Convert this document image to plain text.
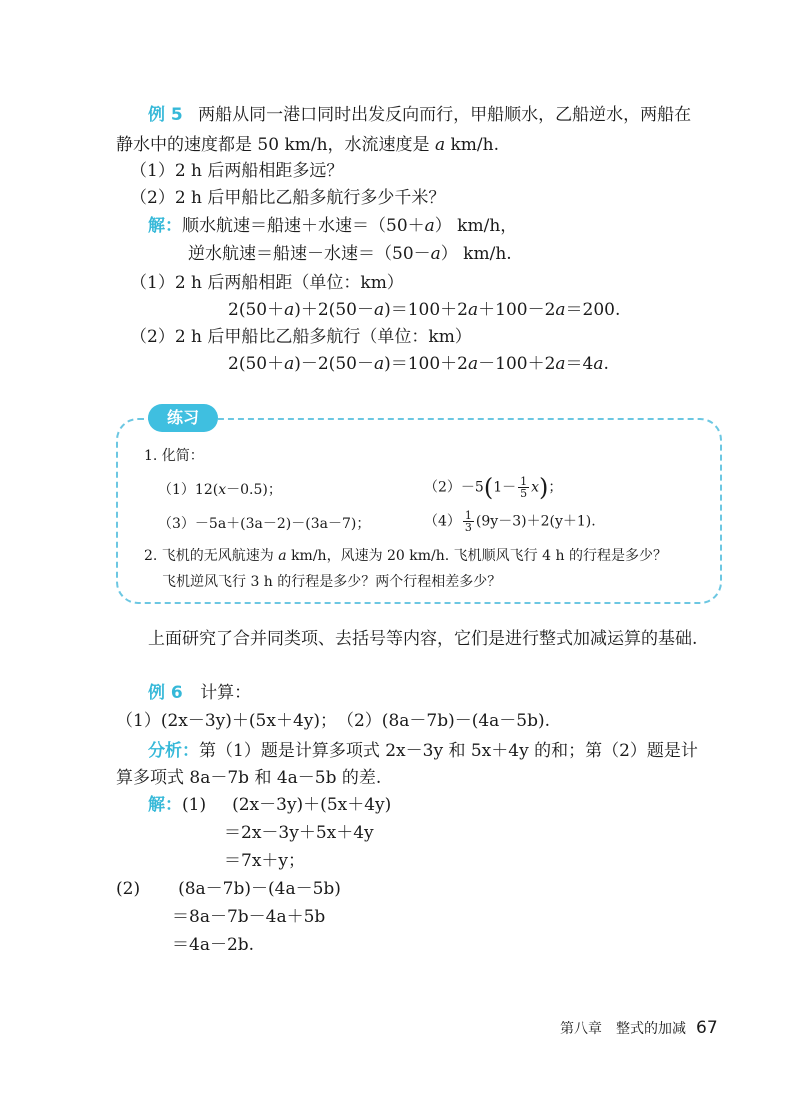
例 5 两船从同一港口同时出发反向而行，甲船顺水，乙船逆水，两船在
静水中的速度都是 50 km/h，水流速度是 a km/h.
（1）2 h 后两船相距多远？
（2）2 h 后甲船比乙船多航行多少千米？
解：顺水航速＝船速＋水速＝（50＋a） km/h，
逆水航速＝船速－水速＝（50－a） km/h.
（1）2 h 后两船相距（单位：km）
2(50＋a)＋2(50－a)＝100＋2a＋100－2a＝200.
（2）2 h 后甲船比乙船多航行（单位：km）
2(50＋a)－2(50－a)＝100＋2a－100＋2a＝4a.
练习
1. 化简：
（1）12(x－0.5)；	$(2)-5(1- \frac{1}{5} x)$；
（3）－5a＋(3a－2)－(3a－7)；	$(4) \frac{1}{3} (9y-3)+2(y+1)$.
2. 飞机的无风航速为 a km/h，风速为 20 km/h. 飞机顺风飞行 4 h 的行程是多少？
飞机逆风飞行 3 h 的行程是多少？两个行程相差多少？
上面研究了合并同类项、去括号等内容，它们是进行整式加减运算的基础.
例 6 计算：
（1）(2x－3y)＋(5x＋4y)；　（2）(8a－7b)－(4a－5b).
分析：第（1）题是计算多项式 2x－3y 和 5x＋4y 的和；第（2）题是计
算多项式 8a－7b 和 4a－5b 的差.
解：(1) (2x－3y)＋(5x＋4y)
＝2x－3y＋5x＋4y
＝7x＋y；
(2) (8a－7b)－(4a－5b)
＝8a－7b－4a＋5b
＝4a－2b.
第八章　整式的加减 67
